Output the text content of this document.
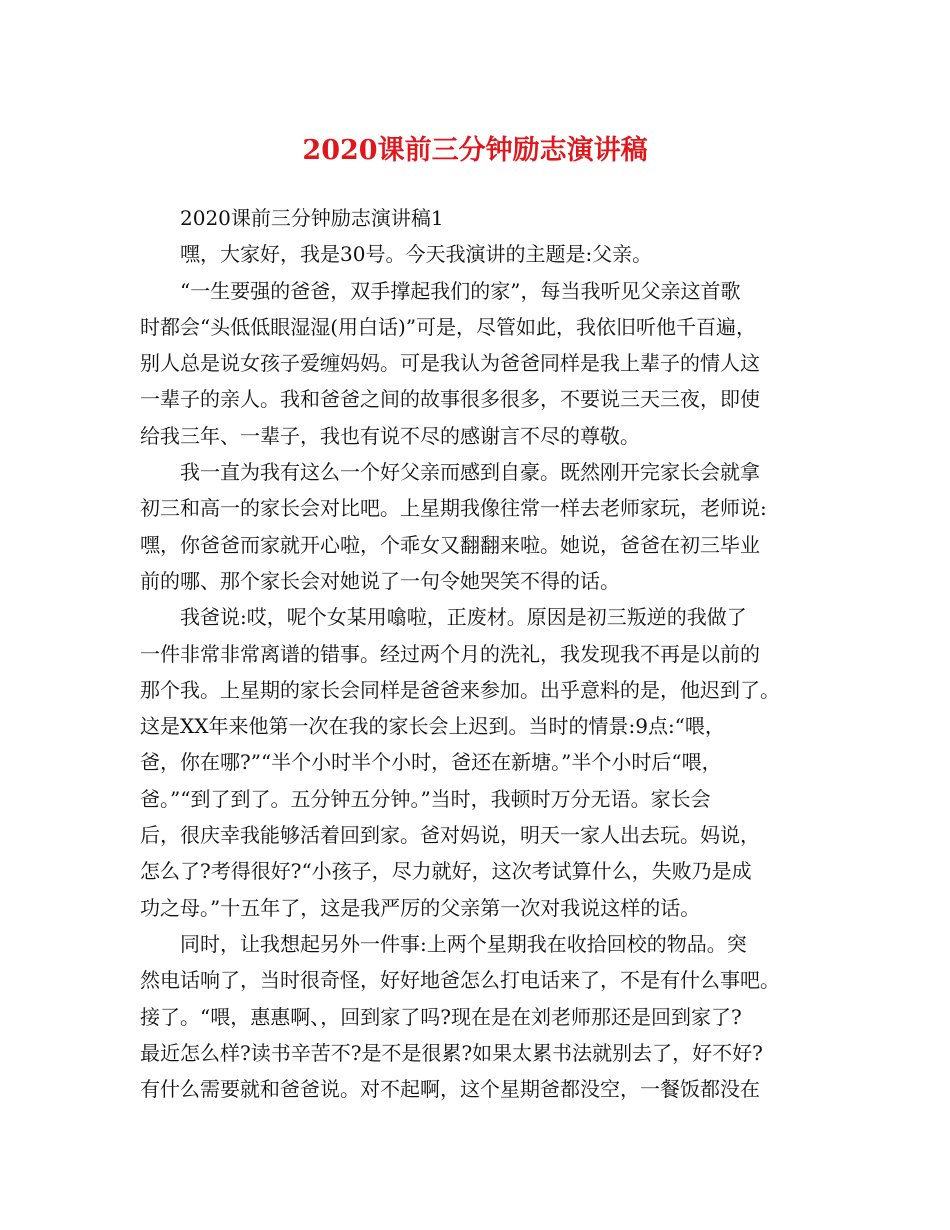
2020课前三分钟励志演讲稿
2020课前三分钟励志演讲稿1
嘿，大家好，我是30号。今天我演讲的主题是:父亲。
“一生要强的爸爸，双手撑起我们的家”，每当我听见父亲这首歌
时都会“头低低眼湿湿(用白话)”可是，尽管如此，我依旧听他千百遍，
别人总是说女孩子爱缠妈妈。可是我认为爸爸同样是我上辈子的情人这
一辈子的亲人。我和爸爸之间的故事很多很多，不要说三天三夜，即使
给我三年、一辈子，我也有说不尽的感谢言不尽的尊敬。
我一直为我有这么一个好父亲而感到自豪。既然刚开完家长会就拿
初三和高一的家长会对比吧。上星期我像往常一样去老师家玩，老师说:
嘿，你爸爸而家就开心啦，个乖女又翻翻来啦。她说，爸爸在初三毕业
前的哪、那个家长会对她说了一句令她哭笑不得的话。
我爸说:哎，呢个女某用噏啦，正废材。原因是初三叛逆的我做了
一件非常非常离谱的错事。经过两个月的洗礼，我发现我不再是以前的
那个我。上星期的家长会同样是爸爸来参加。出乎意料的是，他迟到了。
这是XX年来他第一次在我的家长会上迟到。当时的情景:9点:“喂，
爸，你在哪?”“半个小时半个小时，爸还在新塘。”半个小时后“喂，
爸。”“到了到了。五分钟五分钟。”当时，我顿时万分无语。家长会
后，很庆幸我能够活着回到家。爸对妈说，明天一家人出去玩。妈说，
怎么了?考得很好?“小孩子，尽力就好，这次考试算什么，失败乃是成
功之母。”十五年了，这是我严厉的父亲第一次对我说这样的话。
同时，让我想起另外一件事:上两个星期我在收拾回校的物品。突
然电话响了，当时很奇怪，好好地爸怎么打电话来了，不是有什么事吧。
接了。“喂，惠惠啊、，回到家了吗?现在是在刘老师那还是回到家了?
最近怎么样?读书辛苦不?是不是很累?如果太累书法就别去了，好不好?
有什么需要就和爸爸说。对不起啊，这个星期爸都没空，一餐饭都没在
